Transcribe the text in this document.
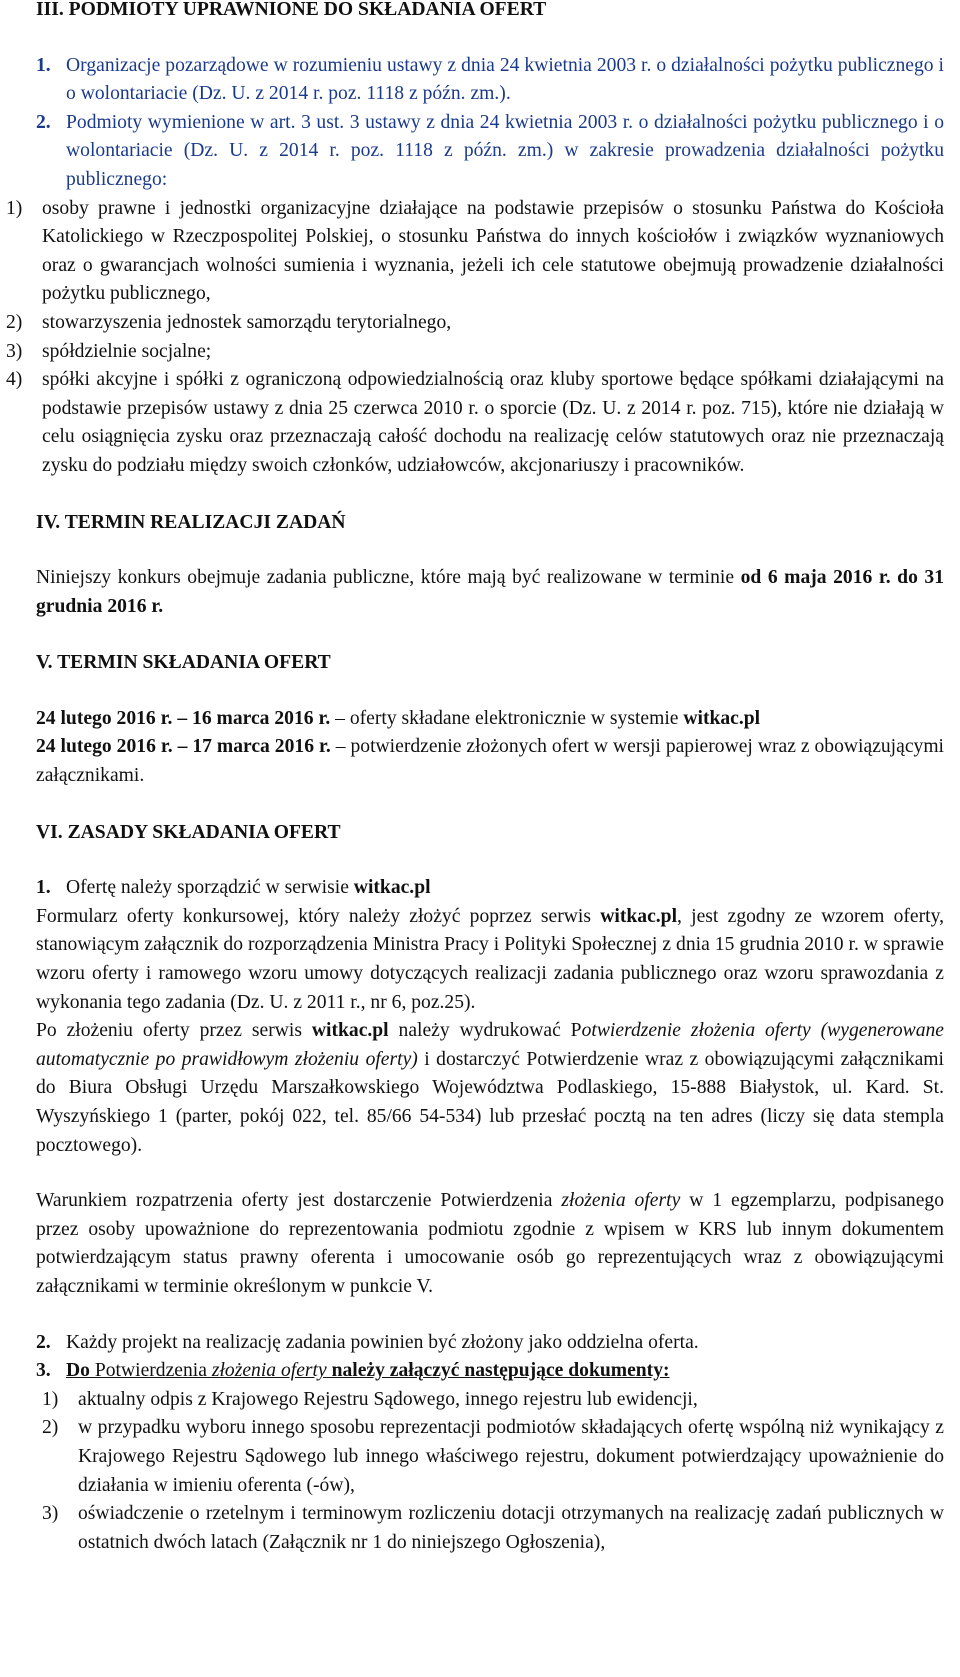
III. PODMIOTY UPRAWNIONE DO SKŁADANIA OFERT
1. Organizacje pozarządowe w rozumieniu ustawy z dnia 24 kwietnia 2003 r. o działalności pożytku publicznego i o wolontariacie (Dz. U. z 2014 r. poz. 1118 z późn. zm.).
2. Podmioty wymienione w art. 3 ust. 3 ustawy z dnia 24 kwietnia 2003 r. o działalności pożytku publicznego i o wolontariacie (Dz. U. z 2014 r. poz. 1118 z późn. zm.) w zakresie prowadzenia działalności pożytku publicznego:
1)	osoby prawne i jednostki organizacyjne działające na podstawie przepisów o stosunku Państwa do Kościoła Katolickiego w Rzeczpospolitej Polskiej, o stosunku Państwa do innych kościołów i związków wyznaniowych oraz o gwarancjach wolności sumienia i wyznania, jeżeli ich cele statutowe obejmują prowadzenie działalności pożytku publicznego,
2)	stowarzyszenia jednostek samorządu terytorialnego,
3)	spółdzielnie socjalne;
4)	spółki akcyjne i spółki z ograniczoną odpowiedzialnością oraz kluby sportowe będące spółkami działającymi na podstawie przepisów ustawy z dnia 25 czerwca 2010 r. o sporcie (Dz. U. z 2014 r. poz. 715), które nie działają w celu osiągnięcia zysku oraz przeznaczają całość dochodu na realizację celów statutowych oraz nie przeznaczają zysku do podziału między swoich członków, udziałowców, akcjonariuszy i pracowników.
IV. TERMIN REALIZACJI ZADAŃ

Niniejszy konkurs obejmuje zadania publiczne, które mają być realizowane w terminie od 6 maja 2016 r. do 31 grudnia 2016 r.

V. TERMIN SKŁADANIA OFERT

24 lutego 2016 r. – 16 marca 2016 r. – oferty składane elektronicznie w systemie witkac.pl

24 lutego 2016 r. – 17 marca 2016 r. – potwierdzenie złożonych ofert w wersji papierowej wraz z obowiązującymi załącznikami.

VI. ZASADY SKŁADANIA OFERT
1. Ofertę należy sporządzić w serwisie witkac.pl

Formularz oferty konkursowej, który należy złożyć poprzez serwis witkac.pl, jest zgodny ze wzorem oferty, stanowiącym załącznik do rozporządzenia Ministra Pracy i Polityki Społecznej z dnia 15 grudnia 2010 r. w sprawie wzoru oferty i ramowego wzoru umowy dotyczących realizacji zadania publicznego oraz wzoru sprawozdania z wykonania tego zadania (Dz. U. z 2011 r., nr 6, poz.25).

Po złożeniu oferty przez serwis witkac.pl należy wydrukować Potwierdzenie złożenia oferty (wygenerowane automatycznie po prawidłowym złożeniu oferty) i dostarczyć Potwierdzenie wraz z obowiązującymi załącznikami do Biura Obsługi Urzędu Marszałkowskiego Województwa Podlaskiego, 15-888 Białystok, ul. Kard. St. Wyszyńskiego 1 (parter, pokój 022, tel. 85/66 54-534) lub przesłać pocztą na ten adres (liczy się data stempla pocztowego).

Warunkiem rozpatrzenia oferty jest dostarczenie Potwierdzenia złożenia oferty w 1 egzemplarzu, podpisanego przez osoby upoważnione do reprezentowania podmiotu zgodnie z wpisem w KRS lub innym dokumentem potwierdzającym status prawny oferenta i umocowanie osób go reprezentujących wraz z obowiązującymi załącznikami w terminie określonym w punkcie V.

2. Każdy projekt na realizację zadania powinien być złożony jako oddzielna oferta.
3. Do Potwierdzenia złożenia oferty należy załączyć następujące dokumenty:
1)	aktualny odpis z Krajowego Rejestru Sądowego, innego rejestru lub ewidencji,
2)	w przypadku wyboru innego sposobu reprezentacji podmiotów składających ofertę wspólną niż wynikający z Krajowego Rejestru Sądowego lub innego właściwego rejestru, dokument potwierdzający upoważnienie do działania w imieniu oferenta (-ów),
3)	oświadczenie o rzetelnym i terminowym rozliczeniu dotacji otrzymanych na realizację zadań publicznych w ostatnich dwóch latach (Załącznik nr 1 do niniejszego Ogłoszenia),
